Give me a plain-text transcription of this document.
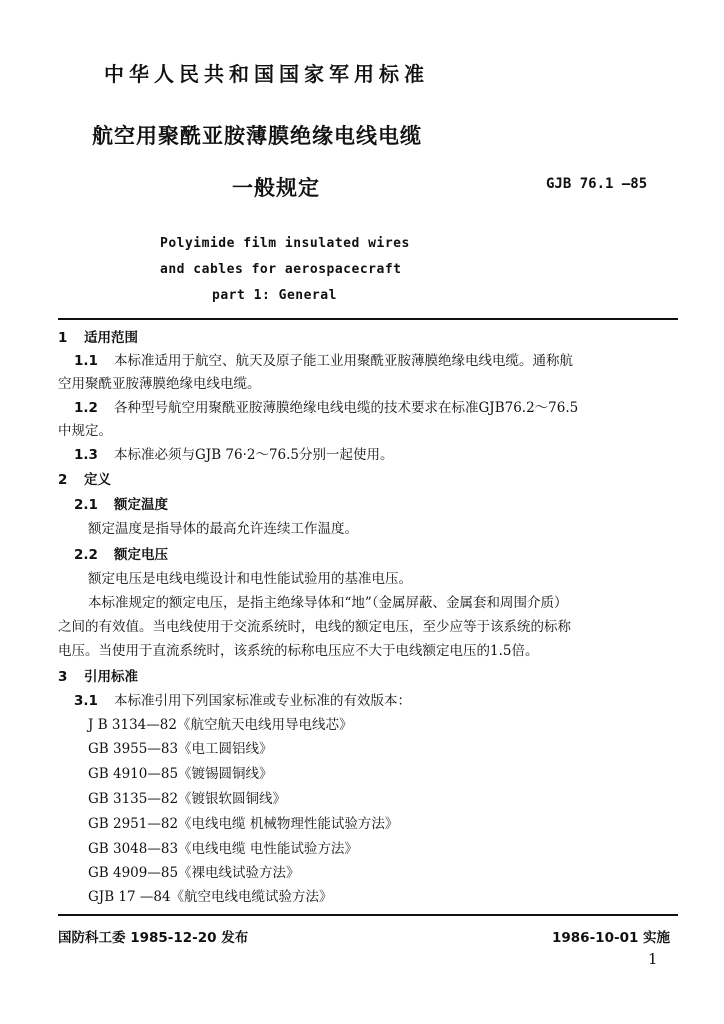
中华人民共和国国家军用标准
航空用聚酰亚胺薄膜绝缘电线电缆
一般规定	GJB 76.1 —85
Polyimide film insulated wires
and cables for aerospacecraft
part 1: General
1 适用范围
1.1 本标准适用于航空、航天及原子能工业用聚酰亚胺薄膜绝缘电线电缆。通称航
空用聚酰亚胺薄膜绝缘电线电缆。
1.2 各种型号航空用聚酰亚胺薄膜绝缘电线电缆的技术要求在标准GJB76.2～76.5
中规定。
1.3 本标准必须与GJB 76·2～76.5分别一起使用。
2 定义
2.1 额定温度
额定温度是指导体的最高允许连续工作温度。
2.2 额定电压
额定电压是电线电缆设计和电性能试验用的基准电压。
本标准规定的额定电压，是指主绝缘导体和“地”（金属屏蔽、金属套和周围介质）
之间的有效值。当电线使用于交流系统时，电线的额定电压，至少应等于该系统的标称
电压。当使用于直流系统时，该系统的标称电压应不大于电线额定电压的1.5倍。
3 引用标准
3.1 本标准引用下列国家标准或专业标准的有效版本：
J B 3134—82《航空航天电线用导电线芯》
GB 3955—83《电工圆铝线》
GB 4910—85《镀锡圆铜线》
GB 3135—82《镀银软圆铜线》
GB 2951—82《电线电缆 机械物理性能试验方法》
GB 3048—83《电线电缆 电性能试验方法》
GB 4909—85《裸电线试验方法》
GJB 17 —84《航空电线电缆试验方法》
国防科工委 1985-12-20 发布	1986-10-01 实施
1
